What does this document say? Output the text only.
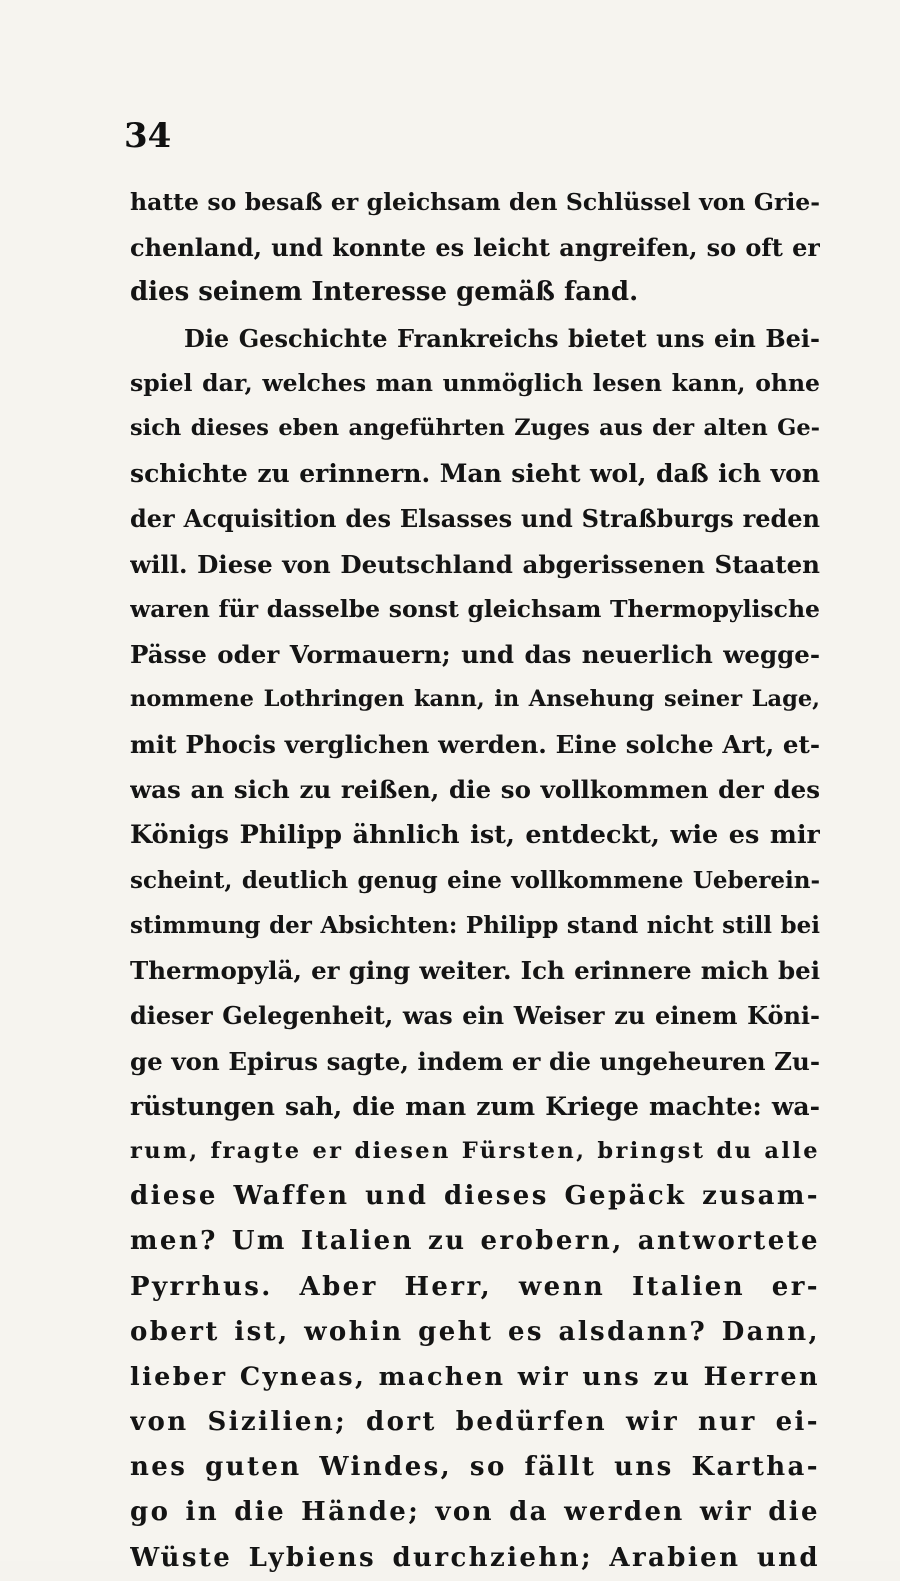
34
hatte so besaß er gleichsam den Schlüssel von Grie-
chenland, und konnte es leicht angreifen, so oft er
dies seinem Interesse gemäß fand.
Die Geschichte Frankreichs bietet uns ein Bei-
spiel dar, welches man unmöglich lesen kann, ohne
sich dieses eben angeführten Zuges aus der alten Ge-
schichte zu erinnern. Man sieht wol, daß ich von
der Acquisition des Elsasses und Straßburgs reden
will. Diese von Deutschland abgerissenen Staaten
waren für dasselbe sonst gleichsam Thermopylische
Pässe oder Vormauern; und das neuerlich wegge-
nommene Lothringen kann, in Ansehung seiner Lage,
mit Phocis verglichen werden. Eine solche Art, et-
was an sich zu reißen, die so vollkommen der des
Königs Philipp ähnlich ist, entdeckt, wie es mir
scheint, deutlich genug eine vollkommene Ueberein-
stimmung der Absichten: Philipp stand nicht still bei
Thermopylä, er ging weiter. Ich erinnere mich bei
dieser Gelegenheit, was ein Weiser zu einem Köni-
ge von Epirus sagte, indem er die ungeheuren Zu-
rüstungen sah, die man zum Kriege machte: wa-
rum, fragte er diesen Fürsten, bringst du alle
diese Waffen und dieses Gepäck zusam-
men? Um Italien zu erobern, antwortete
Pyrrhus. Aber Herr, wenn Italien er-
obert ist, wohin geht es alsdann? Dann,
lieber Cyneas, machen wir uns zu Herren
von Sizilien; dort bedürfen wir nur ei-
nes guten Windes, so fällt uns Kartha-
go in die Hände; von da werden wir die
Wüste Lybiens durchziehn; Arabien und
